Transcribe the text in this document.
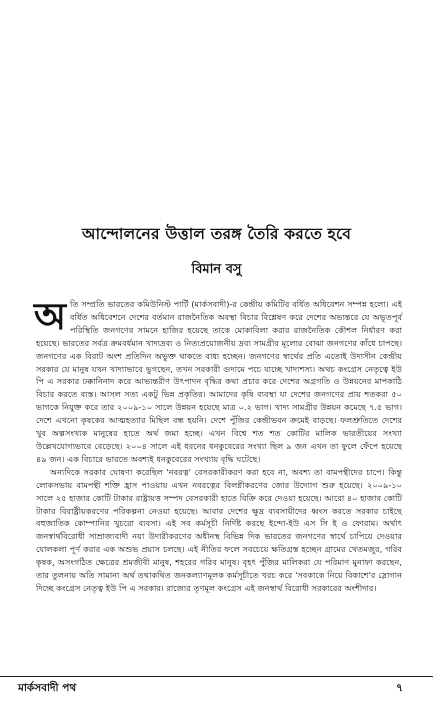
আন্দোলনের উত্তাল তরঙ্গ তৈরি করতে হবে
বিমান বসু

অতি সম্প্রতি ভারতের কমিউনিস্ট পার্টি (মার্কসবাদী)-র কেন্দ্রীয় কমিটির বর্ধিত অধিবেশন সম্পন্ন হলো। এই বর্ধিত অধিবেশনে দেশের বর্তমান রাজনৈতিক অবস্থা বিচার বিশ্লেষণ করে দেশের অভ্যন্তরে যে অভূতপূর্ব পরিস্থিতি জনগণের সামনে হাজির হয়েছে তাকে মোকাবিলা করার রাজনৈতিক কৌশল নির্ধারণ করা হয়েছে। ভারতের সর্বত্র ক্রমবর্ধমান খাদ্যদ্রব্য ও নিত্যপ্রয়োজনীয় দ্রব্য সামগ্রীর মূল্যের বোঝা জনগণের কাঁধে চাপছে। জনগণের এক বিরাট অংশ প্রতিদিন অভুক্ত থাকতে বাধ্য হচ্ছেন। জনগণের স্বার্থের প্রতি এতোই উদাসীন কেন্দ্রীয় সরকার যে মানুষ যখন খাদ্যাভাবে ভুগছেন, তখন সরকারী গুদামে পচে যাচ্ছে খাদ্যশস্য। অথচ কংগ্রেস নেতৃত্বে ইউ পি এ সরকার ঢক্কানিনাদ করে আভ্যন্তরীণ উৎপাদন বৃদ্ধির কথা প্রচার করে দেশের অগ্রগতি ও উন্নয়নের মাপকাঠি বিচার করতে ব্যস্ত। আসল সত্য একটু ভিন্ন প্রকৃতির। আমাদের কৃষি ব্যবস্থা যা দেশের জনগণের প্রায় শতকরা ৫০ ভাগকে নিযুক্ত করে তার ২০০৯-১০ সালে উন্নয়ন হয়েছে মাত্র ০.২ ভাগ। খাদ্য সামগ্রীর উন্নয়ন কমেছে ৭.৫ ভাগ। দেশে এখনো কৃষকের আত্মহত্যার মিছিল বন্ধ হয়নি। দেশে পুঁজির কেন্দ্রীভবন ক্রমেই বাড়ছে। ফলশ্রুতিতে দেশের খুব অল্পসংখ্যক মানুষের হাতে অর্থ জমা হচ্ছে। এখন বিশ্বে শত শত কোটির মালিক ভারতীয়ের সংখ্যা উল্লেখযোগ্যভাবে বেড়েছে। ২০০৪ সালে এই ধরনের ধনকুবেরের সংখ্যা ছিল ৯ জন এখন তা ফুলে ফেঁপে হয়েছে ৪৯ জন। এক বিচারে ভারতে অবশ্যই ধনকুবেরের সংখ্যায় বৃদ্ধি ঘটেছে।

অন্যদিকে সরকার ঘোষণা করেছিল 'নবরত্ন' বেসরকারীকরণ করা হবে না, অবশ্য তা বামপন্থীদের চাপে। কিন্তু লোকসভায় বামপন্থী শক্তি হ্রাস পাওয়ায় এখন নবরত্নের বিলগ্নীকরণের জোর উদ্যোগ শুরু হয়েছে। ২০০৯-১০ সালে ২৫ হাজার কোটি টাকার রাষ্ট্রায়ত্ত সম্পদ বেসরকারী হাতে বিক্রি করে দেওয়া হয়েছে। আরো ৪০ হাজার কোটি টাকার বিরাষ্ট্রীয়করণের পরিকল্পনা নেওয়া হয়েছে। আবার দেশের ক্ষুদ্র ব্যবসায়ীদের ধ্বংস করতে সরকার চাইছে বহুজাতিক কোম্পানির খুচরো ব্যবসা। এই সব কর্মসূচী নির্দিষ্ট করছে ইন্দো-ইউ এস সি ই ও ফোরাম। অর্থাৎ জনস্বার্থবিরোধী সাম্রাজ্যবাদী নয়া উদারীকরণের অধীনস্থ বিভিন্ন দিক ভারতের জনগণের স্বার্থে চাপিয়ে দেওয়ার যোলকলা পূর্ণ করার এক অশুভ প্রয়াস চলছে। এই নীতির ফলে সবচেয়ে ক্ষতিগ্রস্ত হচ্ছেন গ্রামের খেতমজুর, গরিব কৃষক, অসংগঠিত ক্ষেত্রের শ্রমজীবী মানুষ, শহরের গরিব মানুষ। বৃহৎ পুঁজির মালিকরা যে পরিমাণ মুনাফা করছেন, তার তুলনায় অতি সামান্য অর্থ তথাকথিত জনকল্যাণমূলক কর্মসূচীতে খরচ করে 'সবকাকে নিয়ে বিকাশে'র স্লোগান দিচ্ছে কংগ্রেস নেতৃত্ব ইউ পি এ সরকার। রাজ্যের তৃণমূল কংগ্রেস এই জনস্বার্থ বিরোধী সরকারের অংশীদার।

মার্কসবাদী পথ	৭
